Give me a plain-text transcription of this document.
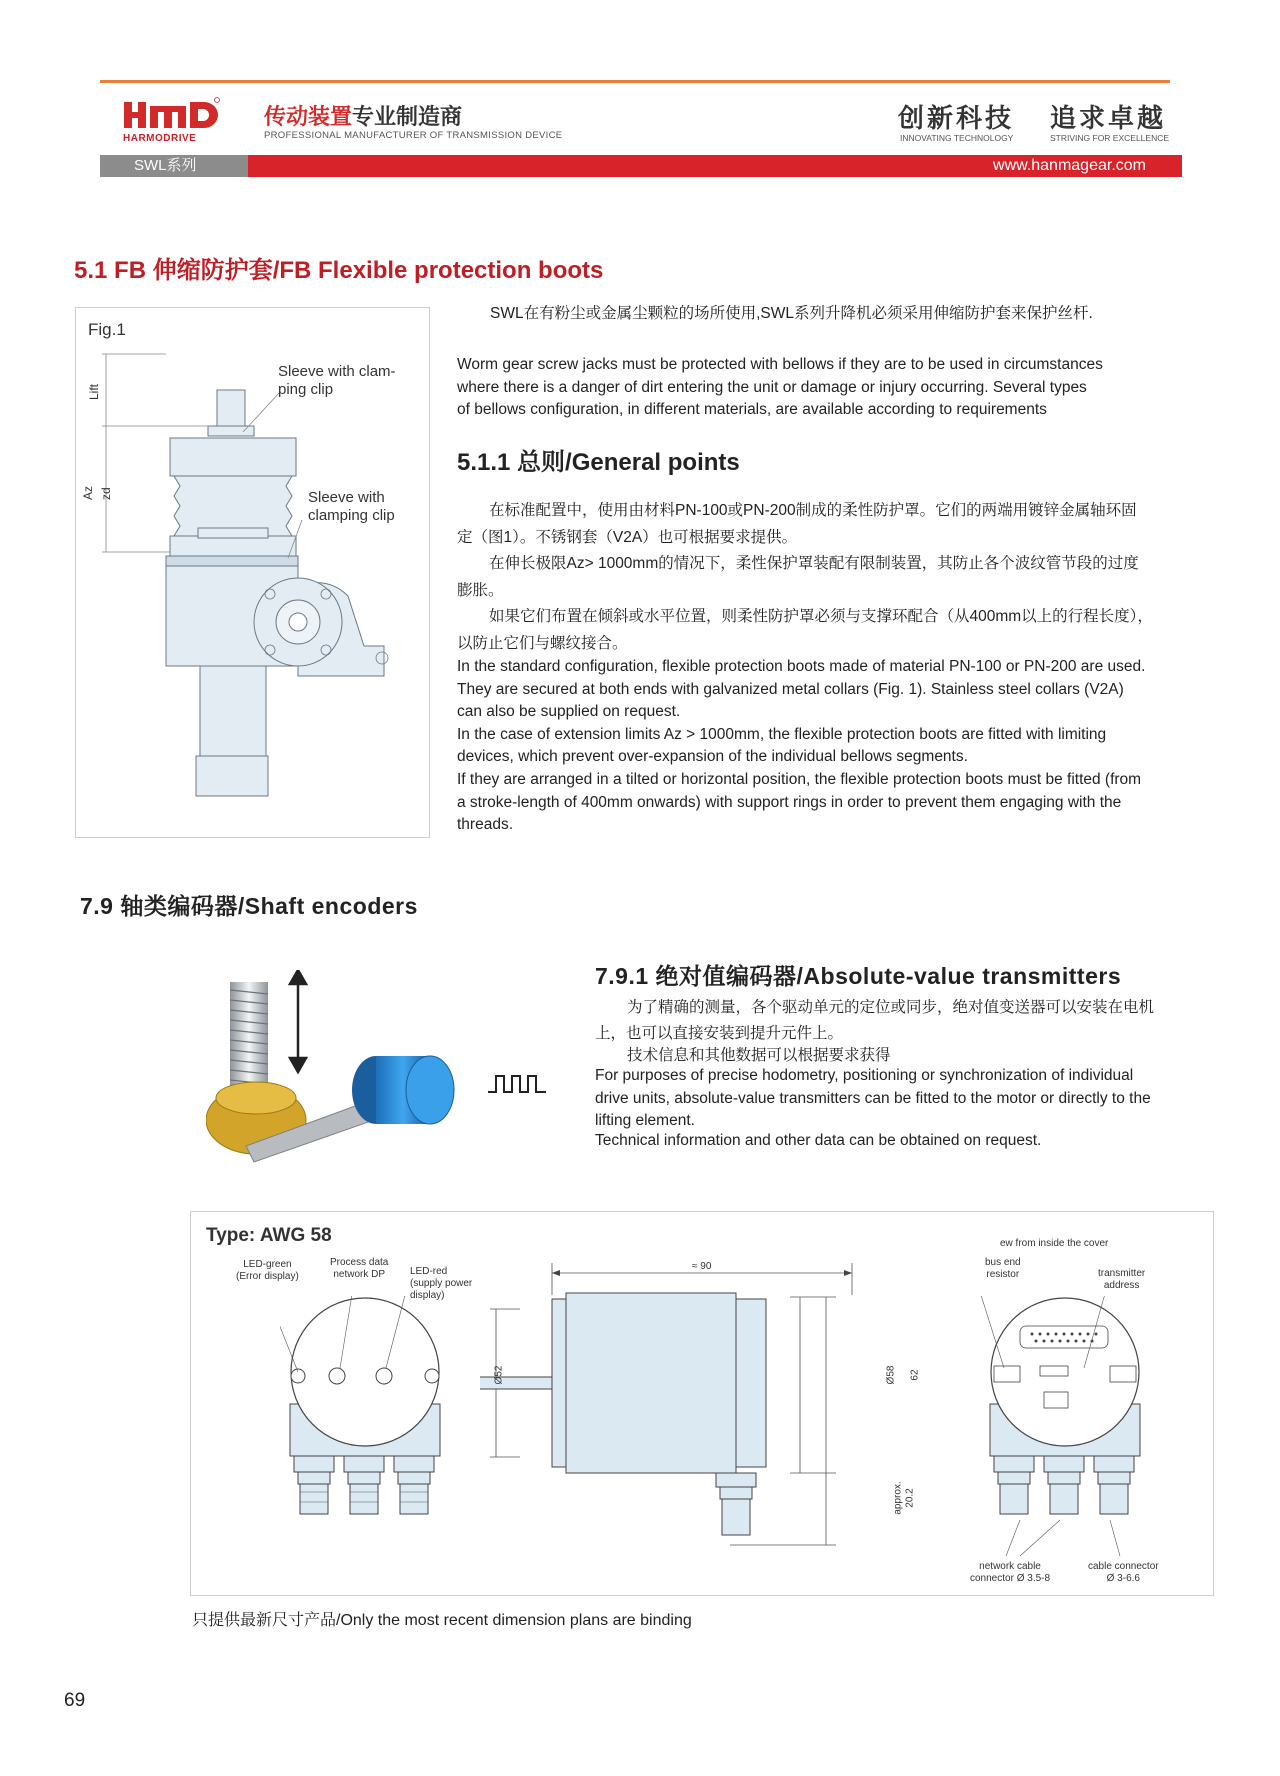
HARMODRIVE
传动装置专业制造商
PROFESSIONAL MANUFACTURER OF TRANSMISSION DEVICE
创新科技
INNOVATING TECHNOLOGY
追求卓越
STRIVING FOR EXCELLENCE
SWL系列	www.hanmagear.com
5.1 FB 伸缩防护套/FB Flexible protection boots
Fig.1
Lift
Az zd
Sleeve with clam-
ping clip
Sleeve with
clamping clip
SWL在有粉尘或金属尘颗粒的场所使用,SWL系列升降机必须采用伸缩防护套来保护丝杆.
Worm gear screw jacks must be protected with bellows if they are to be used in circumstances
where there is a danger of dirt entering the unit or damage or injury occurring. Several types
of bellows configuration, in different materials, are available according to requirements
5.1.1 总则/General points
在标准配置中，使用由材料PN-100或PN-200制成的柔性防护罩。它们的两端用镀锌金属轴环固
定（图1）。不锈钢套（V2A）也可根据要求提供。
在伸长极限Az> 1000mm的情况下，柔性保护罩装配有限制装置，其防止各个波纹管节段的过度
膨胀。
如果它们布置在倾斜或水平位置，则柔性防护罩必须与支撑环配合（从400mm以上的行程长度），
以防止它们与螺纹接合。
In the standard configuration, flexible protection boots made of material PN-100 or PN-200 are used.
They are secured at both ends with galvanized metal collars (Fig. 1). Stainless steel collars (V2A)
can also be supplied on request.
In the case of extension limits Az > 1000mm, the flexible protection boots are fitted with limiting
devices, which prevent over-expansion of the individual bellows segments.
If they are arranged in a tilted or horizontal position, the flexible protection boots must be fitted (from
a stroke-length of 400mm onwards) with support rings in order to prevent them engaging with the
threads.
7.9 轴类编码器/Shaft encoders
7.9.1 绝对值编码器/Absolute-value transmitters
为了精确的测量，各个驱动单元的定位或同步，绝对值变送器可以安装在电机
上，也可以直接安装到提升元件上。
技术信息和其他数据可以根据要求获得
For purposes of precise hodometry, positioning or synchronization of individual
drive units, absolute-value transmitters can be fitted to the motor or directly to the
lifting element.
Technical information and other data can be obtained on request.
Type: AWG 58
LED-green
(Error display)
Process data
network DP	LED-red
(supply power
display)
≈ 90
Ø52	Ø58 62
approx. 20.2
ew from inside the cover
bus end
resistor	transmitter
address
network cable
connector Ø 3.5-8
cable connector
Ø 3-6.6
只提供最新尺寸产品/Only the most recent dimension plans are binding
69
